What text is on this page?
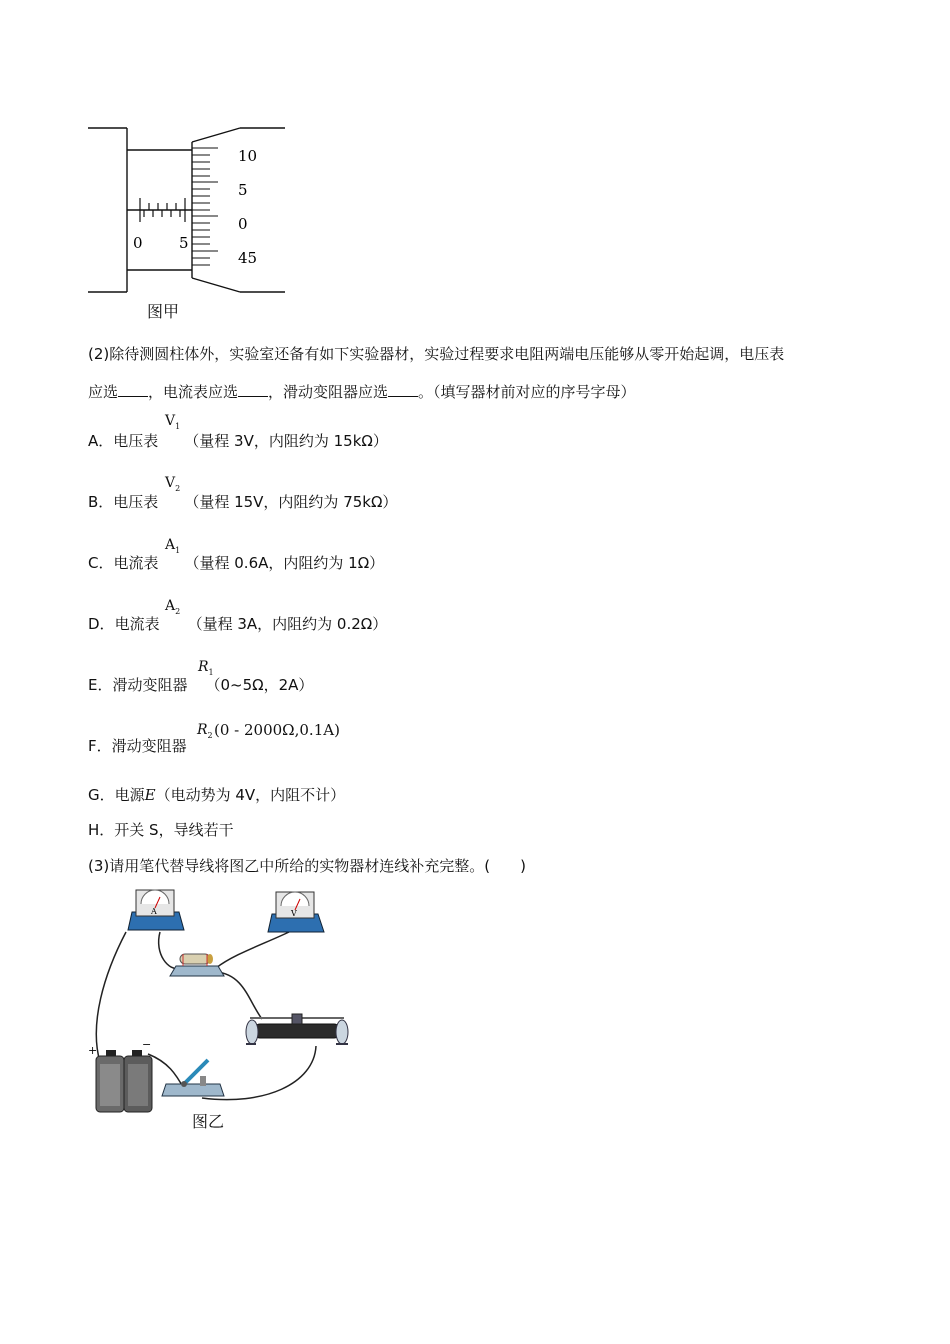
0 5
10
5
0
45
图甲
(2)除待测圆柱体外，实验室还备有如下实验器材，实验过程要求电阻两端电压能够从零开始起调，电压表
应选 ，电流表应选 ，滑动变阻器应选 。（填写器材前对应的序号字母）
A．电压表 （量程 3V，内阻约为 15kΩ）
$V_1$
B．电压表 （量程 15V，内阻约为 75kΩ）
$V_2$
C．电流表 （量程 0.6A，内阻约为 1Ω）
$A_1$
D．电流表 （量程 3A，内阻约为 0.2Ω）
$A_2$
E．滑动变阻器 （0~5Ω，2A）
$R_1$
F．滑动变阻器
$R_2$ (0 - 2000Ω,0.1A)
G．电源E（电动势为 4V，内阻不计）
H．开关 S，导线若干
(3)请用笔代替导线将图乙中所给的实物器材连线补充完整。(　　)
A	V
+	−
图乙
